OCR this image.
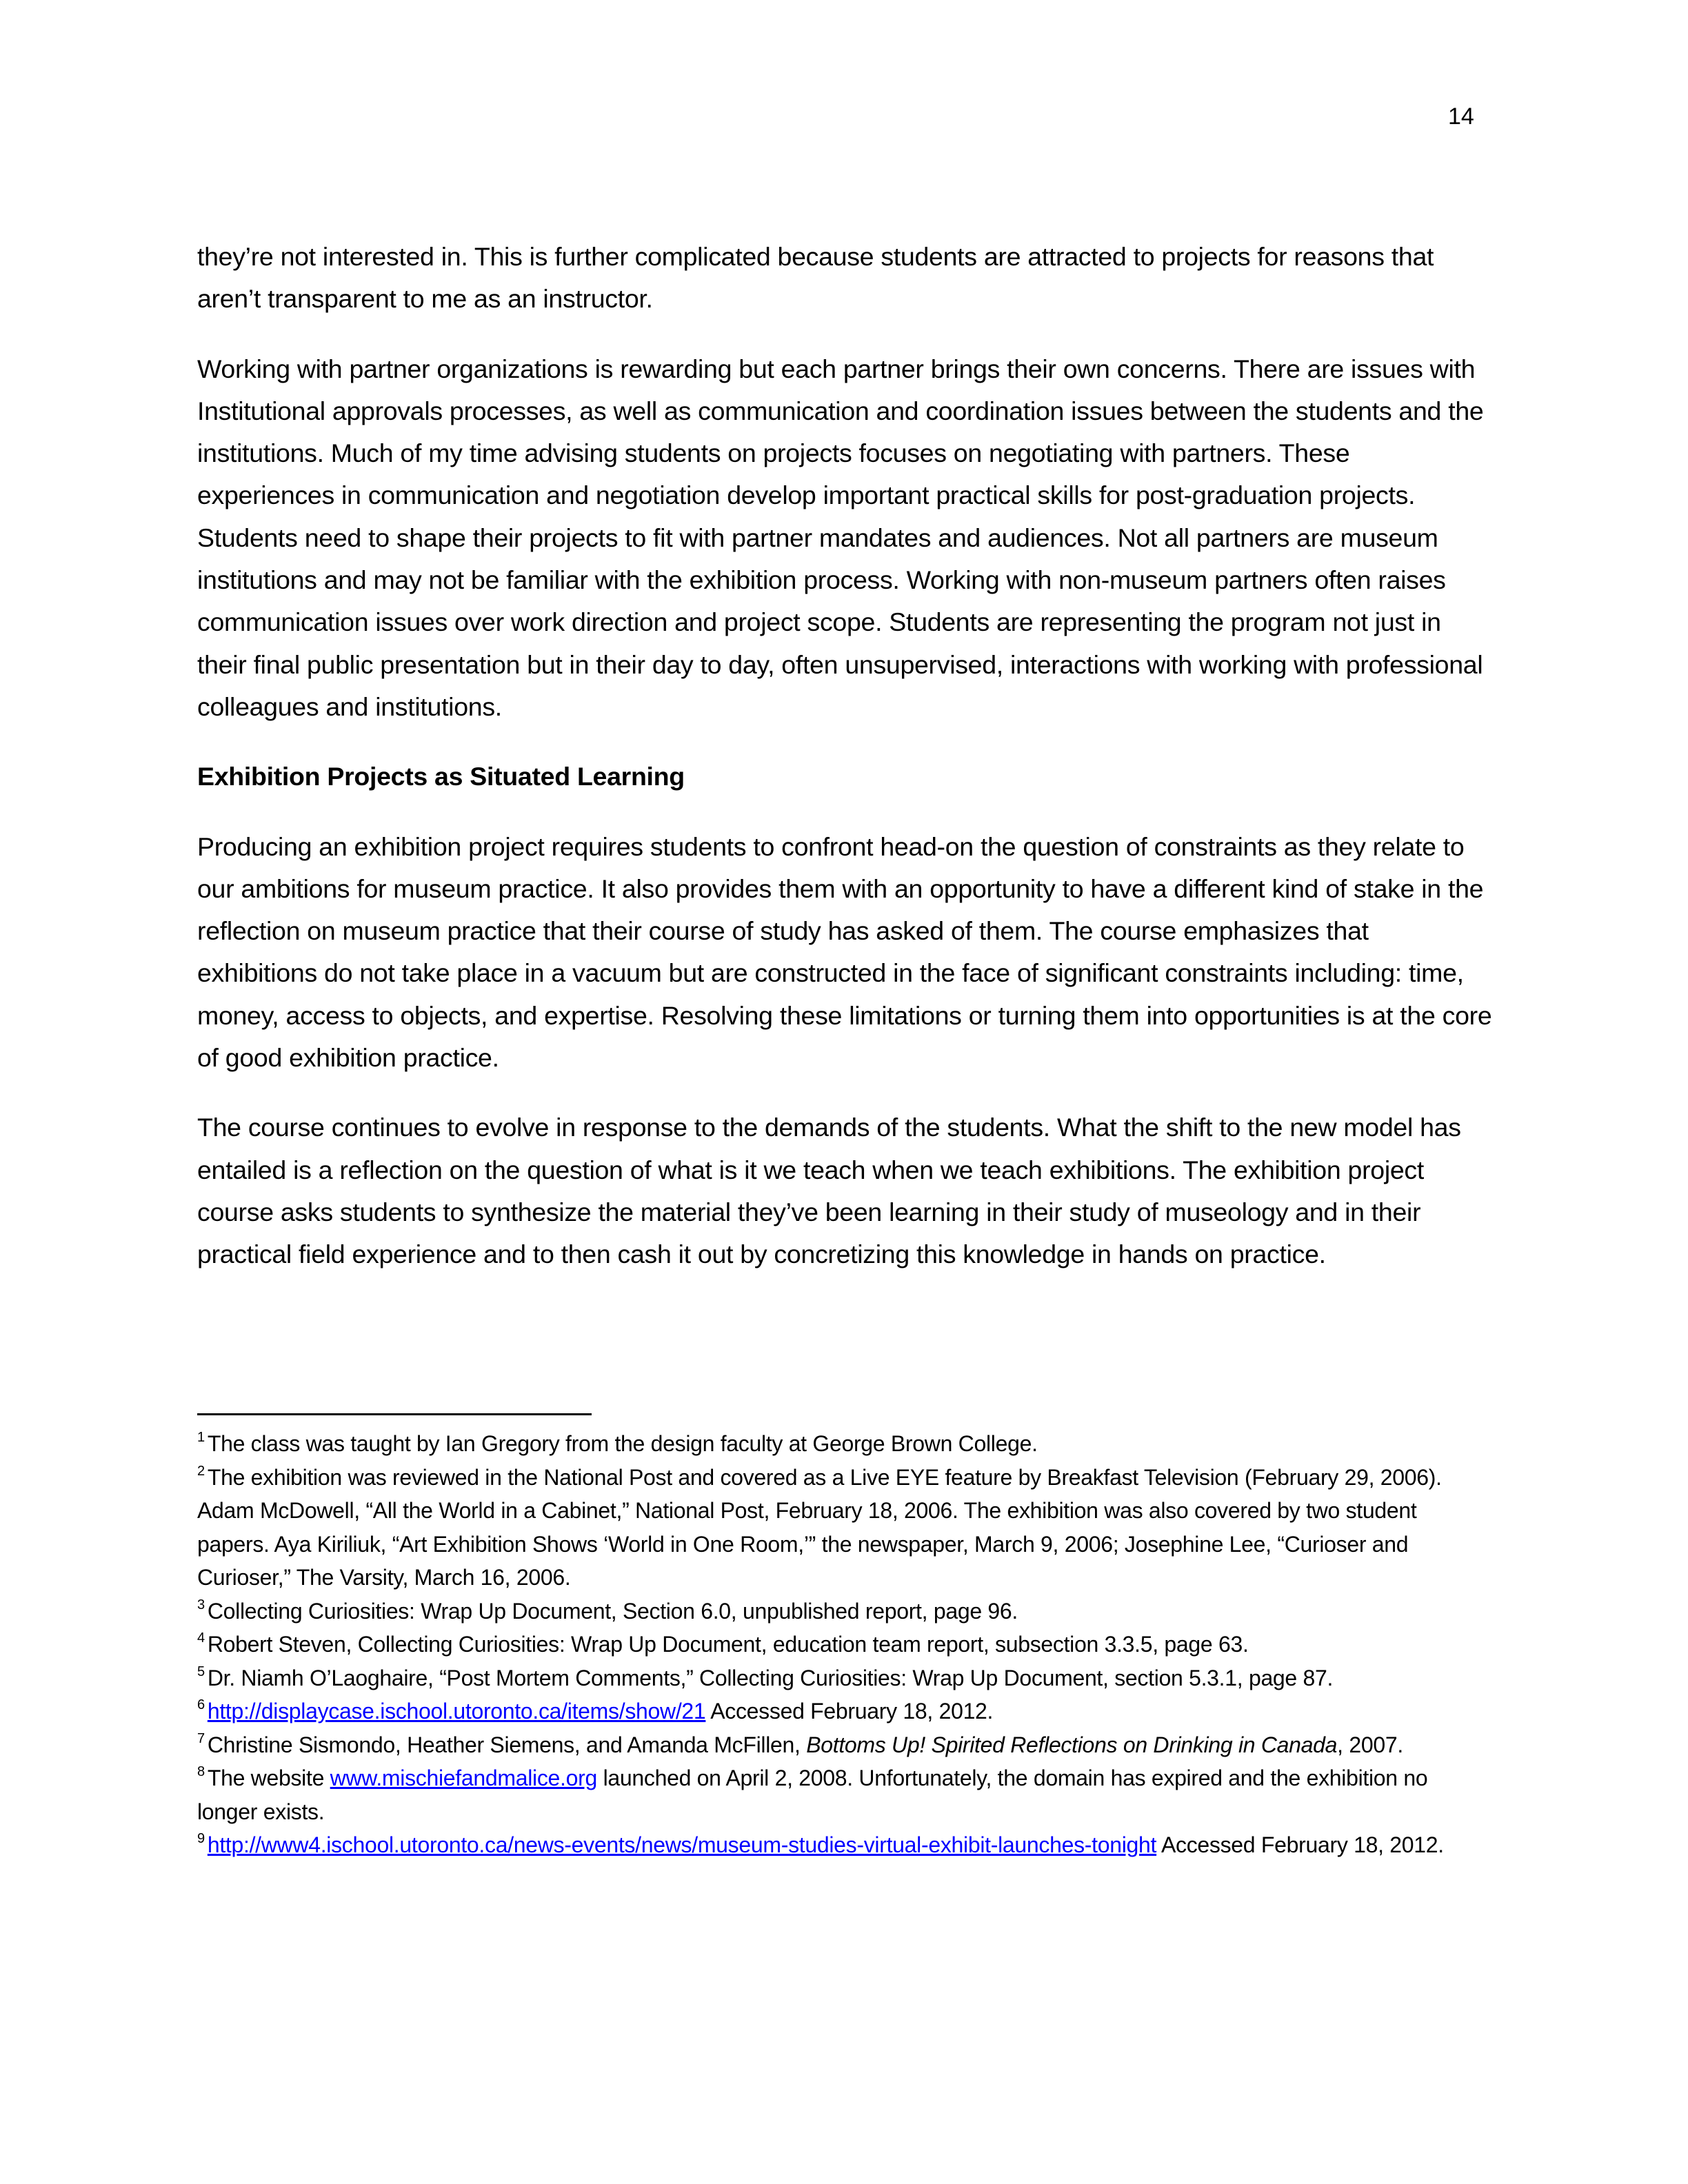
14

they’re not interested in. This is further complicated because students are attracted to projects for reasons that aren’t transparent to me as an instructor.

Working with partner organizations is rewarding but each partner brings their own concerns. There are issues with Institutional approvals processes, as well as communication and coordination issues between the students and the institutions. Much of my time advising students on projects focuses on negotiating with partners. These experiences in communication and negotiation develop important practical skills for post-graduation projects. Students need to shape their projects to fit with partner mandates and audiences. Not all partners are museum institutions and may not be familiar with the exhibition process. Working with non-museum partners often raises communication issues over work direction and project scope. Students are representing the program not just in their final public presentation but in their day to day, often unsupervised, interactions with working with professional colleagues and institutions.

Exhibition Projects as Situated Learning

Producing an exhibition project requires students to confront head-on the question of constraints as they relate to our ambitions for museum practice. It also provides them with an opportunity to have a different kind of stake in the reflection on museum practice that their course of study has asked of them. The course emphasizes that exhibitions do not take place in a vacuum but are constructed in the face of significant constraints including: time, money, access to objects, and expertise. Resolving these limitations or turning them into opportunities is at the core of good exhibition practice.

The course continues to evolve in response to the demands of the students. What the shift to the new model has entailed is a reflection on the question of what is it we teach when we teach exhibitions. The exhibition project course asks students to synthesize the material they’ve been learning in their study of museology and in their practical field experience and to then cash it out by concretizing this knowledge in hands on practice.

$^1$ The class was taught by Ian Gregory from the design faculty at George Brown College.

$^2$ The exhibition was reviewed in the National Post and covered as a Live EYE feature by Breakfast Television (February 29, 2006). Adam McDowell, “All the World in a Cabinet,” National Post, February 18, 2006. The exhibition was also covered by two student papers. Aya Kiriliuk, “Art Exhibition Shows ‘World in One Room,’” the newspaper, March 9, 2006; Josephine Lee, “Curioser and Curioser,” The Varsity, March 16, 2006.

$^3$ Collecting Curiosities: Wrap Up Document, Section 6.0, unpublished report, page 96.

$^4$ Robert Steven, Collecting Curiosities: Wrap Up Document, education team report, subsection 3.3.5, page 63.

$^5$ Dr. Niamh O’Laoghaire, “Post Mortem Comments,” Collecting Curiosities: Wrap Up Document, section 5.3.1, page 87.

$^6$ http://displaycase.ischool.utoronto.ca/items/show/21 Accessed February 18, 2012.

$^7$ Christine Sismondo, Heather Siemens, and Amanda McFillen, Bottoms Up! Spirited Reflections on Drinking in Canada, 2007.

$^8$ The website www.mischiefandmalice.org launched on April 2, 2008. Unfortunately, the domain has expired and the exhibition no longer exists.

$^9$ http://www4.ischool.utoronto.ca/news-events/news/museum-studies-virtual-exhibit-launches-tonight Accessed February 18, 2012.
